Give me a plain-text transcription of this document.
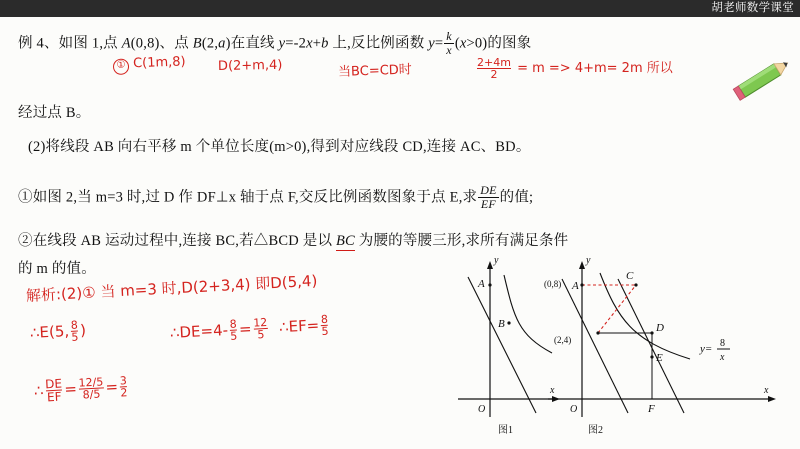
胡老师数学课堂
例 4、如图 1,点 A(0,8)、点 B(2,a)在直线 y=-2x+b 上,反比例函数 $y= \frac{k}{x} (x>0)$的图象
经过点 B。
(2)将线段 AB 向右平移 m 个单位长度(m>0),得到对应线段 CD,连接 AC、BD。
①如图 2,当 m=3 时,过 D 作 DF⊥x 轴于点 F,交反比例函数图象于点 E,求 $\frac{DE}{EF}$ 的值;
②在线段 AB 运动过程中,连接 BC,若△BCD 是以 BC 为腰的等腰三形,求所有满足条件
的 m 的值。
① C(1m,8) D(2+m,4)	当BC=CD时	$\frac{2+4m}{2} = m => 4+m= 2m$ 所以
解析:(2)① 当 m=3 时,D(2+3,4) 即D(5,4)
∴E(5, $\frac{8}{5}$ )	∴DE=4- $\frac{8}{5} = \frac{12}{5}$ ∴EF= $\frac{8}{5}$
∴ $\frac{DE}{EF} = \frac{12/5}{8/5} = \frac{3}{2}$
A
B
y
x
O
图1
C
A
D
E
F
(0,8)
(2,4)
y
x
O
y= 8
x
图2
